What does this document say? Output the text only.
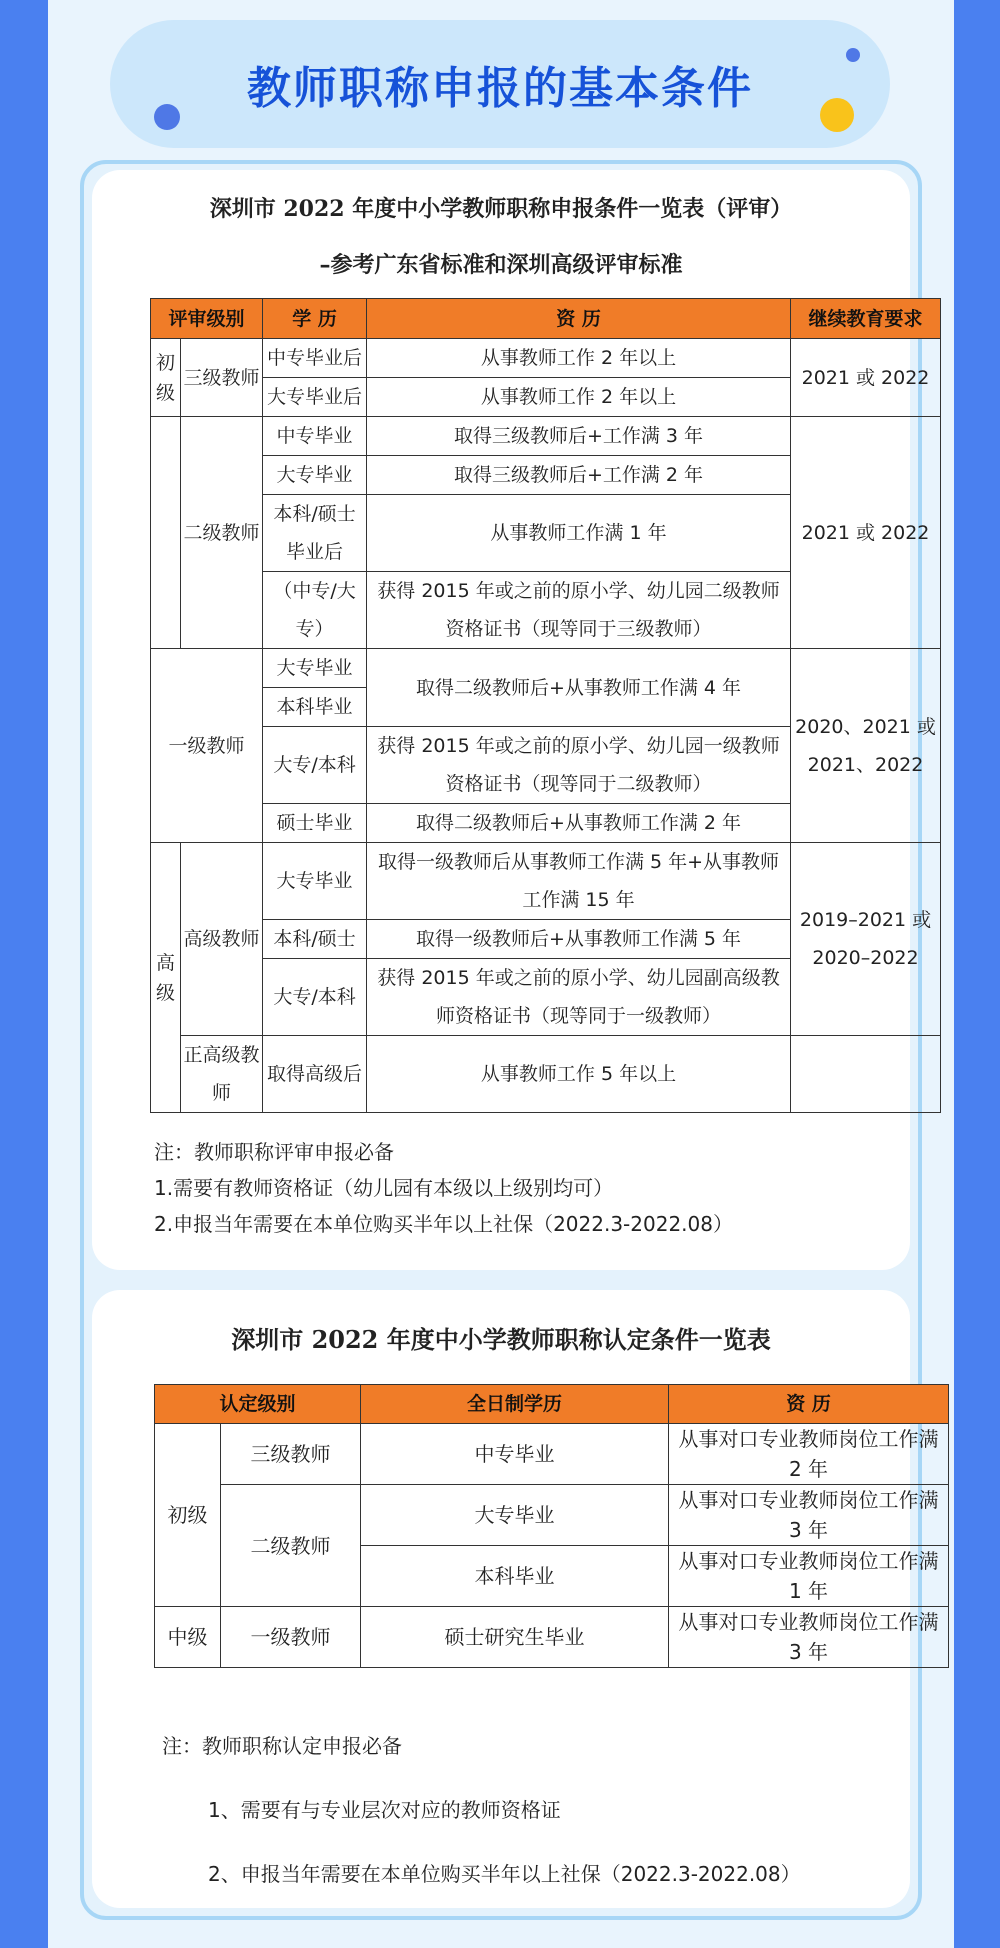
教师职称申报的基本条件
深圳市 2022 年度中小学教师职称申报条件一览表（评审）
–参考广东省标准和深圳高级评审标准
评审级别		学 历	资 历	继续教育要求
初级	三级教师	中专毕业后	从事教师工作 2 年以上	2021 或 2022
		大专毕业后	从事教师工作 2 年以上	
	二级教师	中专毕业	取得三级教师后+工作满 3 年	2021 或 2022
		大专毕业	取得三级教师后+工作满 2 年	
		本科/硕士毕业后	从事教师工作满 1 年	
		（中专/大专）	获得 2015 年或之前的原小学、幼儿园二级教师资格证书（现等同于三级教师）	
一级教师		大专毕业	取得二级教师后+从事教师工作满 4 年	2020、2021 或 2021、2022
		本科毕业		
		大专/本科	获得 2015 年或之前的原小学、幼儿园一级教师资格证书（现等同于二级教师）	
		硕士毕业	取得二级教师后+从事教师工作满 2 年	
高级	高级教师	大专毕业	取得一级教师后从事教师工作满 5 年+从事教师工作满 15 年	2019–2021 或 2020–2022
		本科/硕士	取得一级教师后+从事教师工作满 5 年	
		大专/本科	获得 2015 年或之前的原小学、幼儿园副高级教师资格证书（现等同于一级教师）	
	正高级教师	取得高级后	从事教师工作 5 年以上	
注：教师职称评审申报必备
1.需要有教师资格证（幼儿园有本级以上级别均可）
2.申报当年需要在本单位购买半年以上社保（2022.3-2022.08）
深圳市 2022 年度中小学教师职称认定条件一览表
认定级别		全日制学历	资 历
初级	三级教师	中专毕业	从事对口专业教师岗位工作满 2 年
	二级教师	大专毕业	从事对口专业教师岗位工作满 3 年
		本科毕业	从事对口专业教师岗位工作满 1 年
中级	一级教师	硕士研究生毕业	从事对口专业教师岗位工作满 3 年
注：教师职称认定申报必备
1、需要有与专业层次对应的教师资格证
2、申报当年需要在本单位购买半年以上社保（2022.3-2022.08）
